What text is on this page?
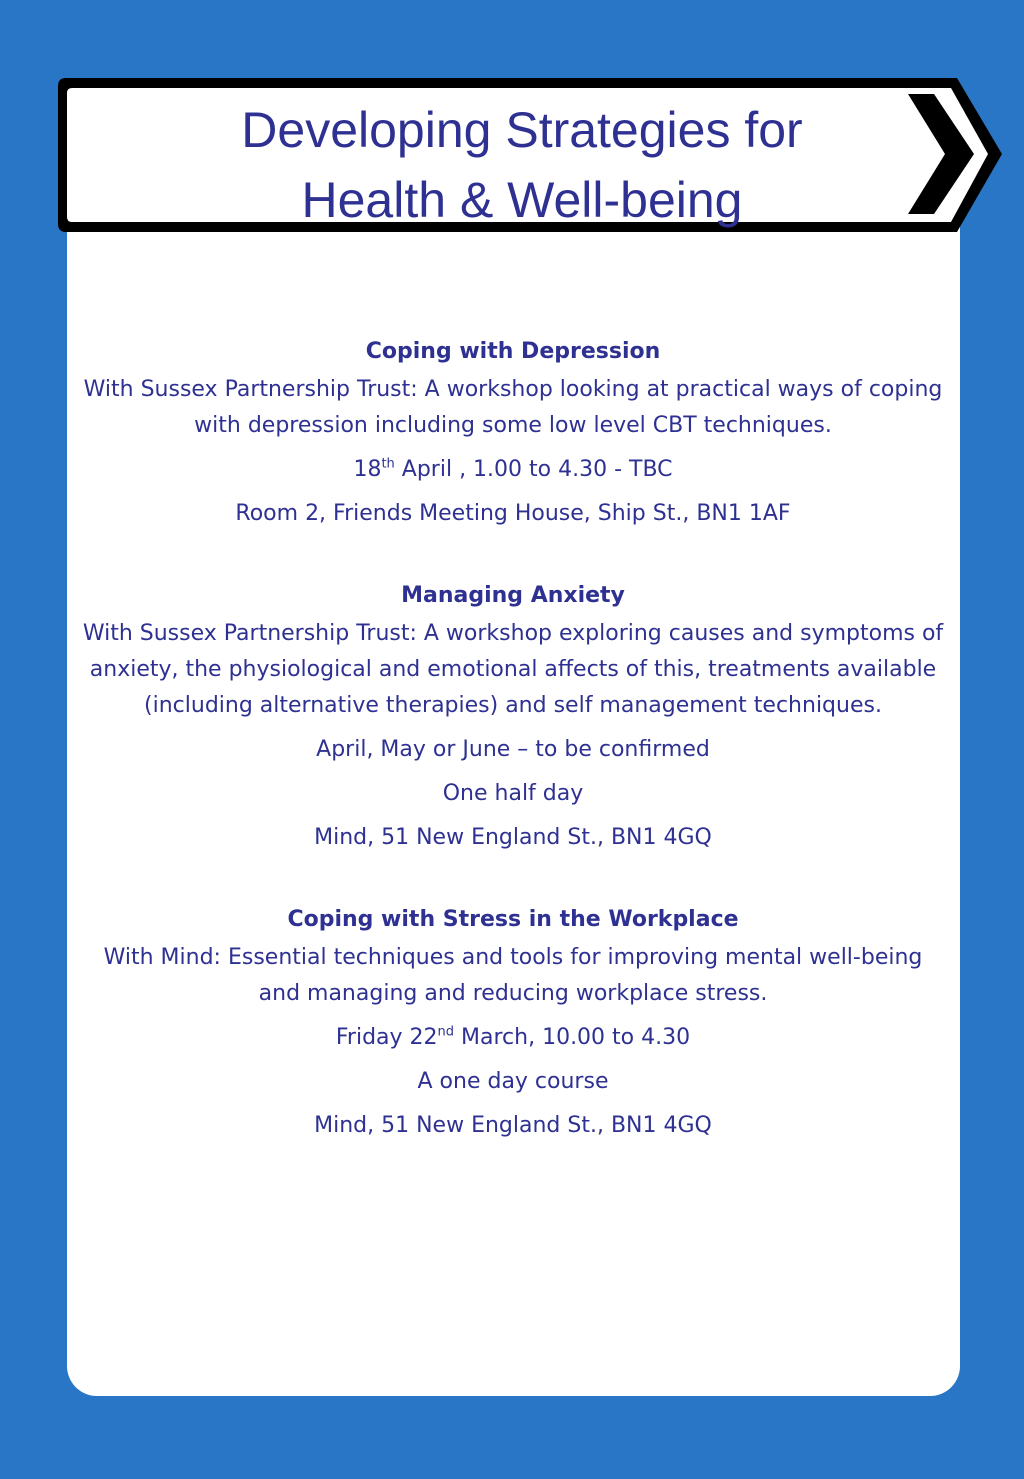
Developing Strategies for
Health & Well-being
Coping with Depression
With Sussex Partnership Trust: A workshop looking at practical ways of coping with depression including some low level CBT techniques.
18th April , 1.00 to 4.30 - TBC
Room 2, Friends Meeting House, Ship St., BN1 1AF
Managing Anxiety
With Sussex Partnership Trust: A workshop exploring causes and symptoms of anxiety, the physiological and emotional affects of this, treatments available (including alternative therapies) and self management techniques.
April, May or June – to be confirmed
One half day
Mind, 51 New England St., BN1 4GQ
Coping with Stress in the Workplace
With Mind: Essential techniques and tools for improving mental well-being and managing and reducing workplace stress.
Friday 22nd March, 10.00 to 4.30
A one day course
Mind, 51 New England St., BN1 4GQ
